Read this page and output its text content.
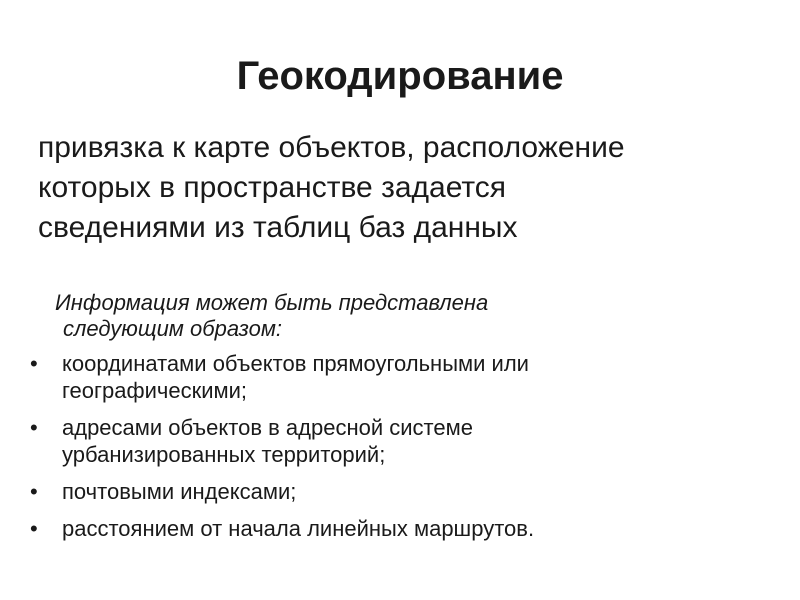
Геокодирование
привязка к карте объектов, расположение
которых в пространстве задается
сведениями из таблиц баз данных
Информация может быть представлена
следующим образом:
•	координатами объектов прямоугольными или
географическими;
•	адресами объектов в адресной системе
урбанизированных территорий;
•	почтовыми индексами;
•	расстоянием от начала линейных маршрутов.
